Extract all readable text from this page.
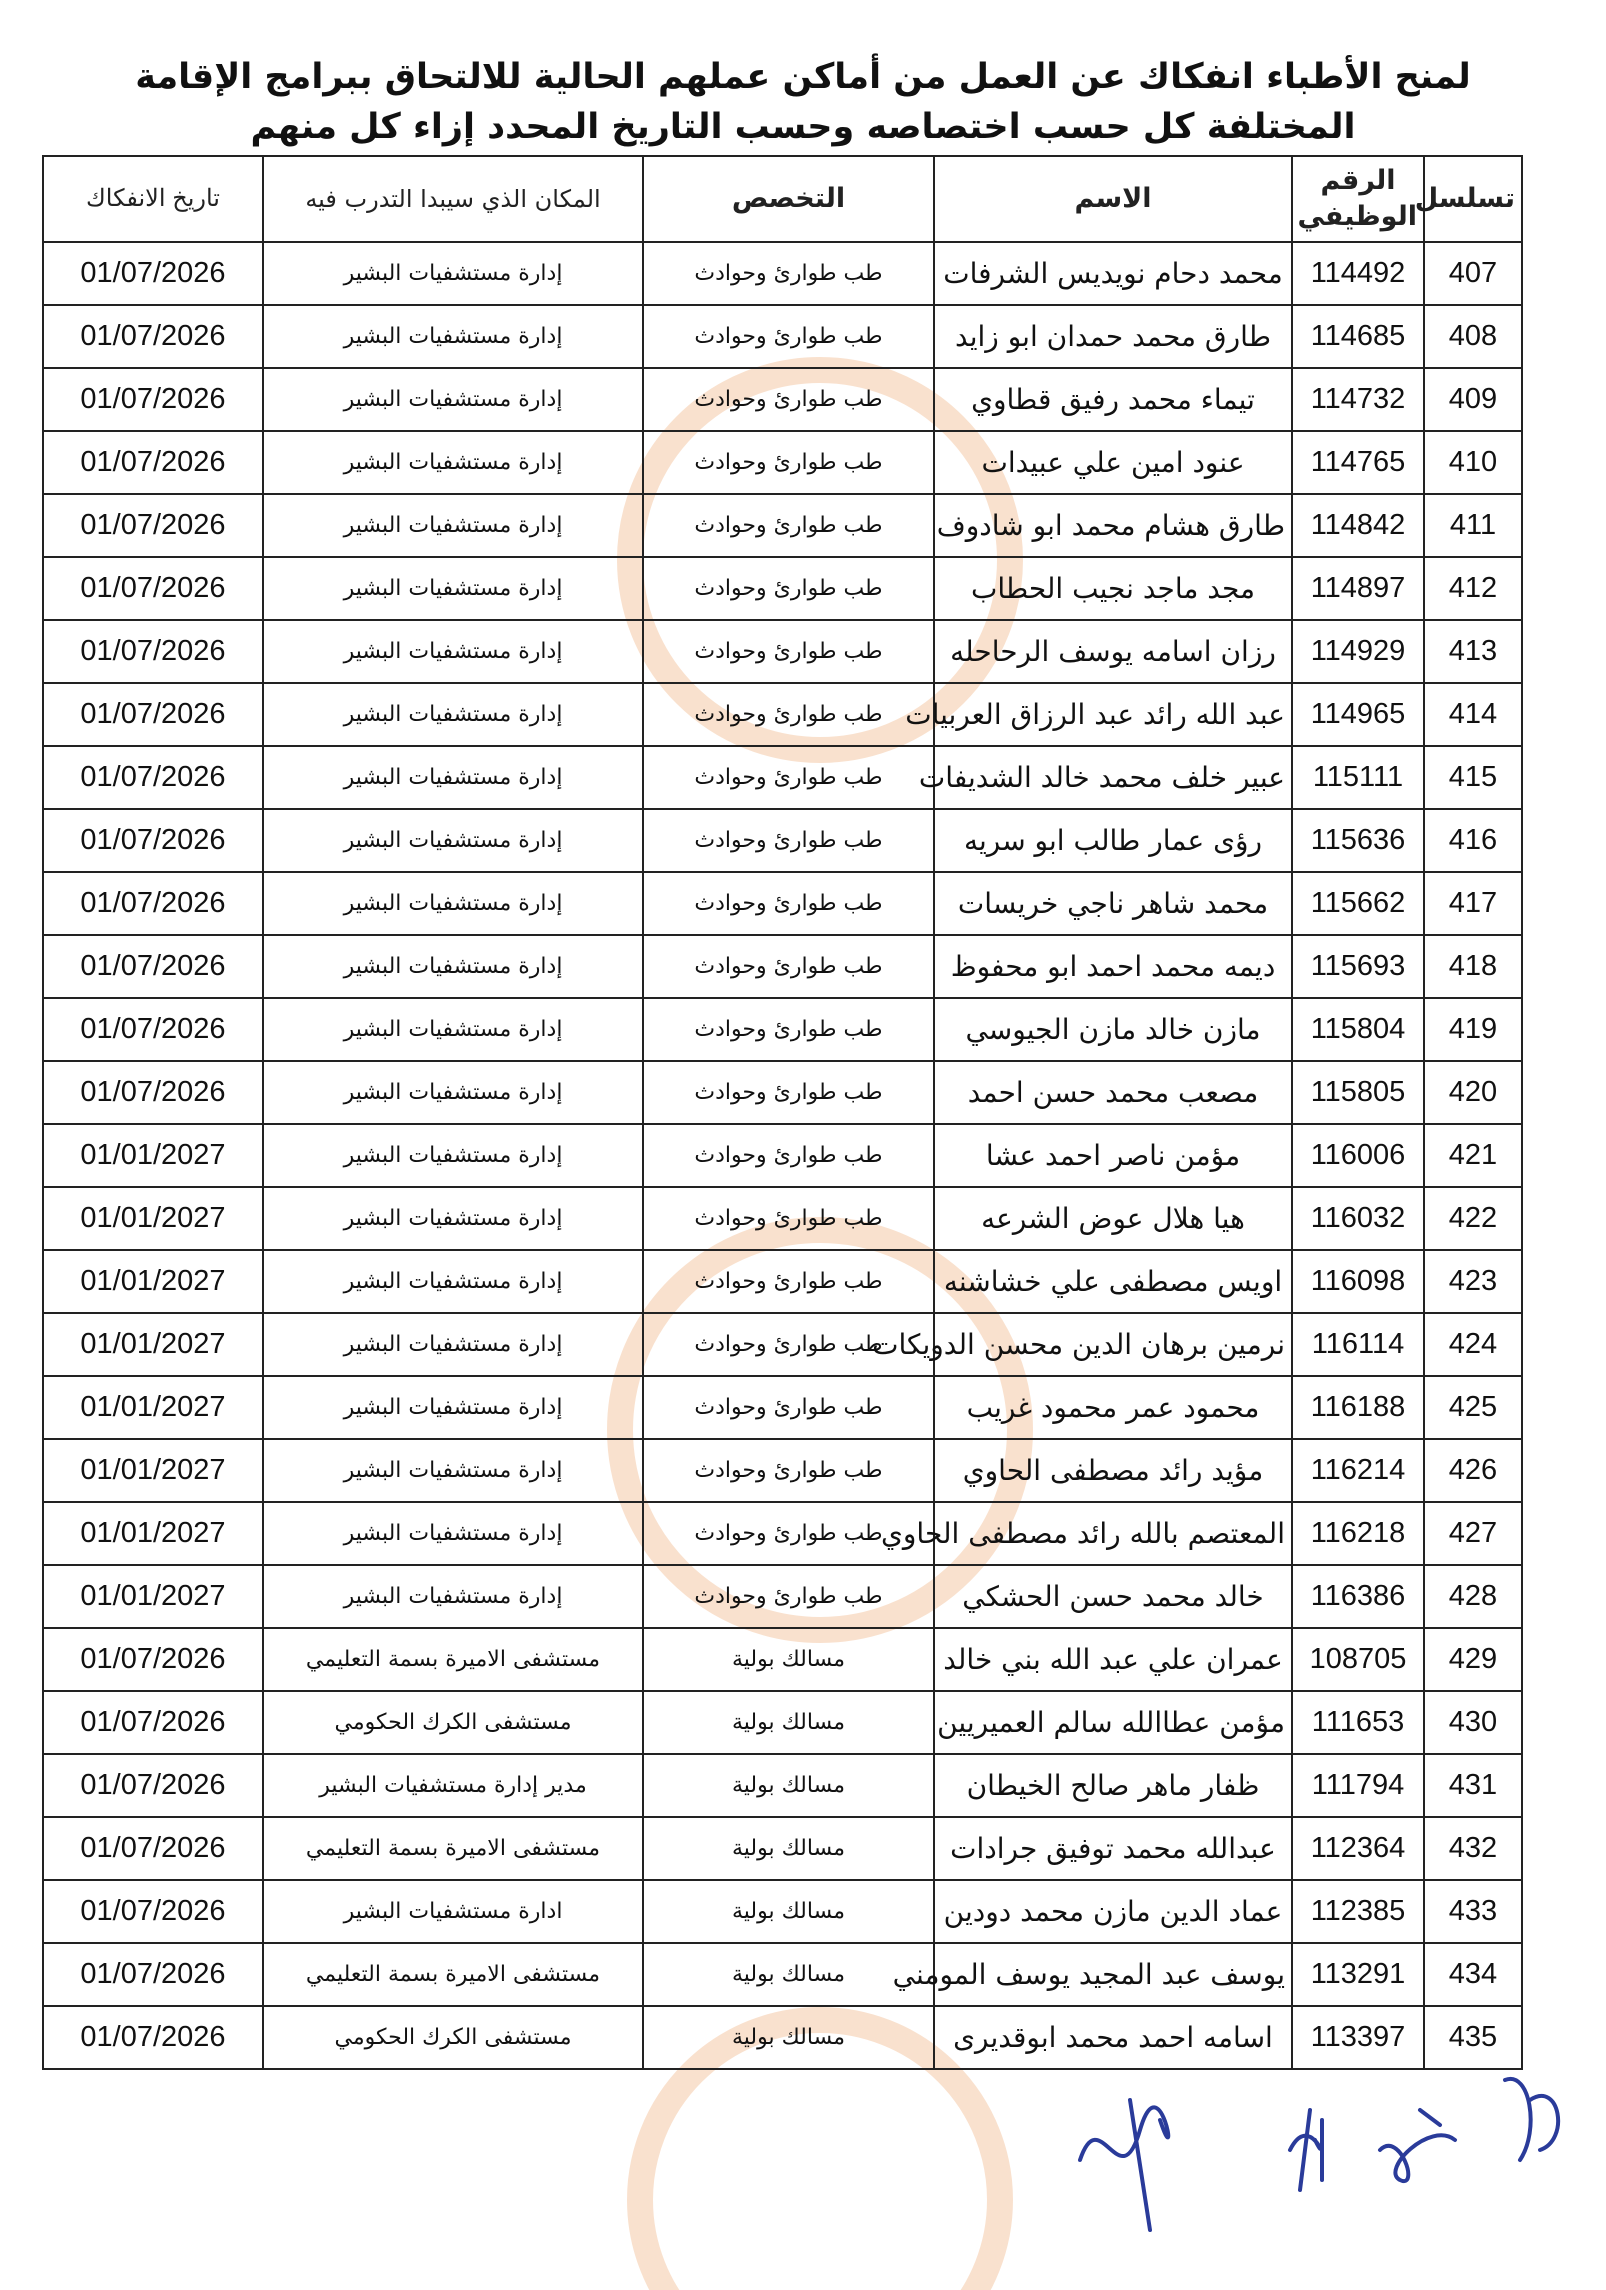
لمنح الأطباء انفكاك عن العمل من أماكن عملهم الحالية للالتحاق ببرامج الإقامة المختلفة كل حسب اختصاصه وحسب التاريخ المحدد إزاء كل منهم
تسلسل	الرقم الوظيفي	الاسم	التخصص	المكان الذي سيبدا التدرب فيه	تاريخ الانفكاك
407	114492	محمد دحام نويديس الشرفات	طب طوارئ وحوادث	إدارة مستشفيات البشير	01/07/2026
408	114685	طارق محمد حمدان ابو زايد	طب طوارئ وحوادث	إدارة مستشفيات البشير	01/07/2026
409	114732	تيماء محمد رفيق قطاوي	طب طوارئ وحوادث	إدارة مستشفيات البشير	01/07/2026
410	114765	عنود امين علي عبيدات	طب طوارئ وحوادث	إدارة مستشفيات البشير	01/07/2026
411	114842	طارق هشام محمد ابو شادوف	طب طوارئ وحوادث	إدارة مستشفيات البشير	01/07/2026
412	114897	مجد ماجد نجيب الحطاب	طب طوارئ وحوادث	إدارة مستشفيات البشير	01/07/2026
413	114929	رزان اسامه يوسف الرحاحله	طب طوارئ وحوادث	إدارة مستشفيات البشير	01/07/2026
414	114965	عبد الله رائد عبد الرزاق العربيات	طب طوارئ وحوادث	إدارة مستشفيات البشير	01/07/2026
415	115111	عبير خلف محمد خالد الشديفات	طب طوارئ وحوادث	إدارة مستشفيات البشير	01/07/2026
416	115636	رؤى عمار طالب ابو سريه	طب طوارئ وحوادث	إدارة مستشفيات البشير	01/07/2026
417	115662	محمد شاهر ناجي خريسات	طب طوارئ وحوادث	إدارة مستشفيات البشير	01/07/2026
418	115693	ديمه محمد احمد ابو محفوظ	طب طوارئ وحوادث	إدارة مستشفيات البشير	01/07/2026
419	115804	مازن خالد مازن الجيوسي	طب طوارئ وحوادث	إدارة مستشفيات البشير	01/07/2026
420	115805	مصعب محمد حسن احمد	طب طوارئ وحوادث	إدارة مستشفيات البشير	01/07/2026
421	116006	مؤمن ناصر احمد عشا	طب طوارئ وحوادث	إدارة مستشفيات البشير	01/01/2027
422	116032	هيا هلال عوض الشرعه	طب طوارئ وحوادث	إدارة مستشفيات البشير	01/01/2027
423	116098	اويس مصطفى علي خشاشنه	طب طوارئ وحوادث	إدارة مستشفيات البشير	01/01/2027
424	116114	نرمين برهان الدين محسن الدويكات	طب طوارئ وحوادث	إدارة مستشفيات البشير	01/01/2027
425	116188	محمود عمر محمود غريب	طب طوارئ وحوادث	إدارة مستشفيات البشير	01/01/2027
426	116214	مؤيد رائد مصطفى الحاوي	طب طوارئ وحوادث	إدارة مستشفيات البشير	01/01/2027
427	116218	المعتصم بالله رائد مصطفى الحاوي	طب طوارئ وحوادث	إدارة مستشفيات البشير	01/01/2027
428	116386	خالد محمد حسن الحشكي	طب طوارئ وحوادث	إدارة مستشفيات البشير	01/01/2027
429	108705	عمران علي عبد الله بني خالد	مسالك بولية	مستشفى الاميرة بسمة التعليمي	01/07/2026
430	111653	مؤمن عطاالله سالم العميريين	مسالك بولية	مستشفى الكرك الحكومي	01/07/2026
431	111794	ظفار ماهر صالح الخيطان	مسالك بولية	مدير إدارة مستشفيات البشير	01/07/2026
432	112364	عبدالله محمد توفيق جرادات	مسالك بولية	مستشفى الاميرة بسمة التعليمي	01/07/2026
433	112385	عماد الدين مازن محمد دودين	مسالك بولية	ادارة مستشفيات البشير	01/07/2026
434	113291	يوسف عبد المجيد يوسف المومني	مسالك بولية	مستشفى الاميرة بسمة التعليمي	01/07/2026
435	113397	اسامه احمد محمد ابوقديرى	مسالك بولية	مستشفى الكرك الحكومي	01/07/2026
